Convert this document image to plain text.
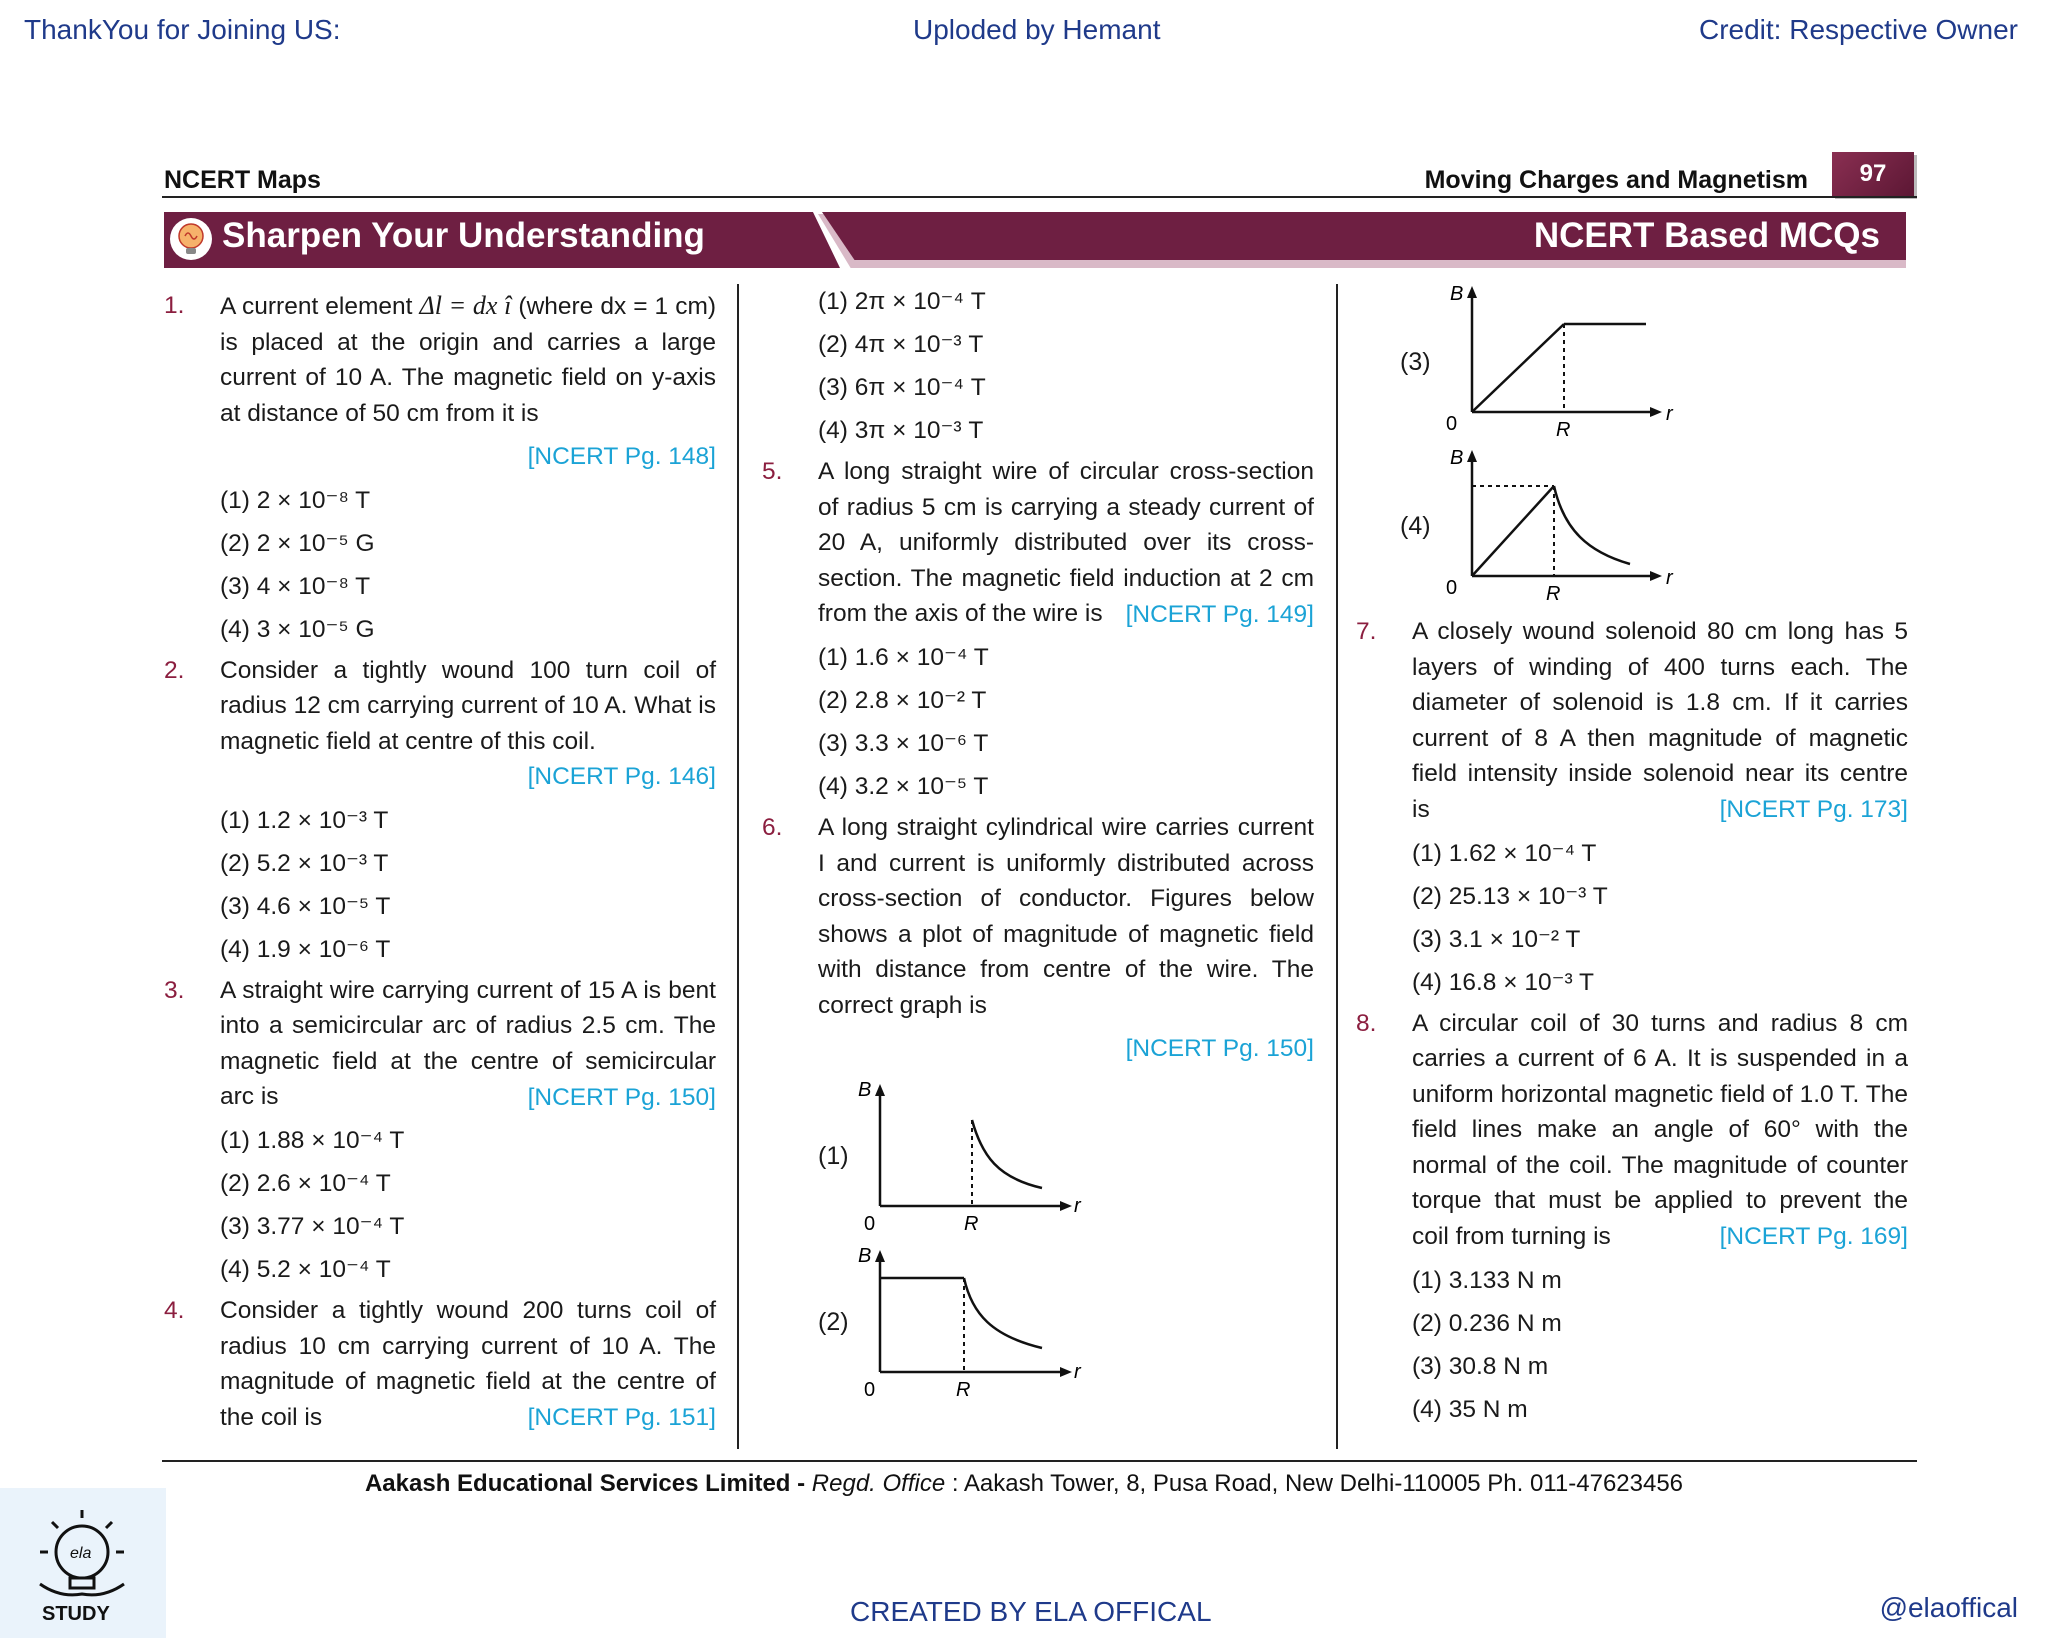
ThankYou for Joining US:	Uploded by Hemant	Credit: Respective Owner
NCERT Maps	Moving Charges and Magnetism	97
Sharpen Your Understanding	NCERT Based MCQs
1.	A current element Δl = dx î (where dx = 1 cm) is placed at the origin and carries a large current of 10 A. The magnetic field on y-axis at distance of 50 cm from it is
[NCERT Pg. 148]
(1) 2 × 10⁻⁸ T
(2) 2 × 10⁻⁵ G
(3) 4 × 10⁻⁸ T
(4) 3 × 10⁻⁵ G
2.	Consider a tightly wound 100 turn coil of radius 12 cm carrying current of 10 A. What is magnetic field at centre of this coil.
[NCERT Pg. 146]
(1) 1.2 × 10⁻³ T
(2) 5.2 × 10⁻³ T
(3) 4.6 × 10⁻⁵ T
(4) 1.9 × 10⁻⁶ T
3.	A straight wire carrying current of 15 A is bent into a semicircular arc of radius 2.5 cm. The magnetic field at the centre of semicircular arc is	[NCERT Pg. 150]
(1) 1.88 × 10⁻⁴ T
(2) 2.6 × 10⁻⁴ T
(3) 3.77 × 10⁻⁴ T
(4) 5.2 × 10⁻⁴ T
4.	Consider a tightly wound 200 turns coil of radius 10 cm carrying current of 10 A. The magnitude of magnetic field at the centre of the coil is	[NCERT Pg. 151]
(1) 2π × 10⁻⁴ T
(2) 4π × 10⁻³ T
(3) 6π × 10⁻⁴ T
(4) 3π × 10⁻³ T
5.	A long straight wire of circular cross-section of radius 5 cm is carrying a steady current of 20 A, uniformly distributed over its cross-section. The magnetic field induction at 2 cm from the axis of the wire is [NCERT Pg. 149]
(1) 1.6 × 10⁻⁴ T
(2) 2.8 × 10⁻² T
(3) 3.3 × 10⁻⁶ T
(4) 3.2 × 10⁻⁵ T
6.	A long straight cylindrical wire carries current I and current is uniformly distributed across cross-section of conductor. Figures below shows a plot of magnitude of magnetic field with distance from centre of the wire. The correct graph is
[NCERT Pg. 150]
(1)
B
r
0	R
(2)
B
r
0	R
(3)
B
r
0	R
(4)
B
r
0	R
7.	A closely wound solenoid 80 cm long has 5 layers of winding of 400 turns each. The diameter of solenoid is 1.8 cm. If it carries current of 8 A then magnitude of magnetic field intensity inside solenoid near its centre is	[NCERT Pg. 173]
(1) 1.62 × 10⁻⁴ T
(2) 25.13 × 10⁻³ T
(3) 3.1 × 10⁻² T
(4) 16.8 × 10⁻³ T
8.	A circular coil of 30 turns and radius 8 cm carries a current of 6 A. It is suspended in a uniform horizontal magnetic field of 1.0 T. The field lines make an angle of 60° with the normal of the coil. The magnitude of counter torque that must be applied to prevent the coil from turning is	[NCERT Pg. 169]
(1) 3.133 N m
(2) 0.236 N m
(3) 30.8 N m
(4) 35 N m
Aakash Educational Services Limited - Regd. Office : Aakash Tower, 8, Pusa Road, New Delhi-110005 Ph. 011-47623456
ela
STUDY	CREATED BY ELA OFFICAL	@elaoffical
